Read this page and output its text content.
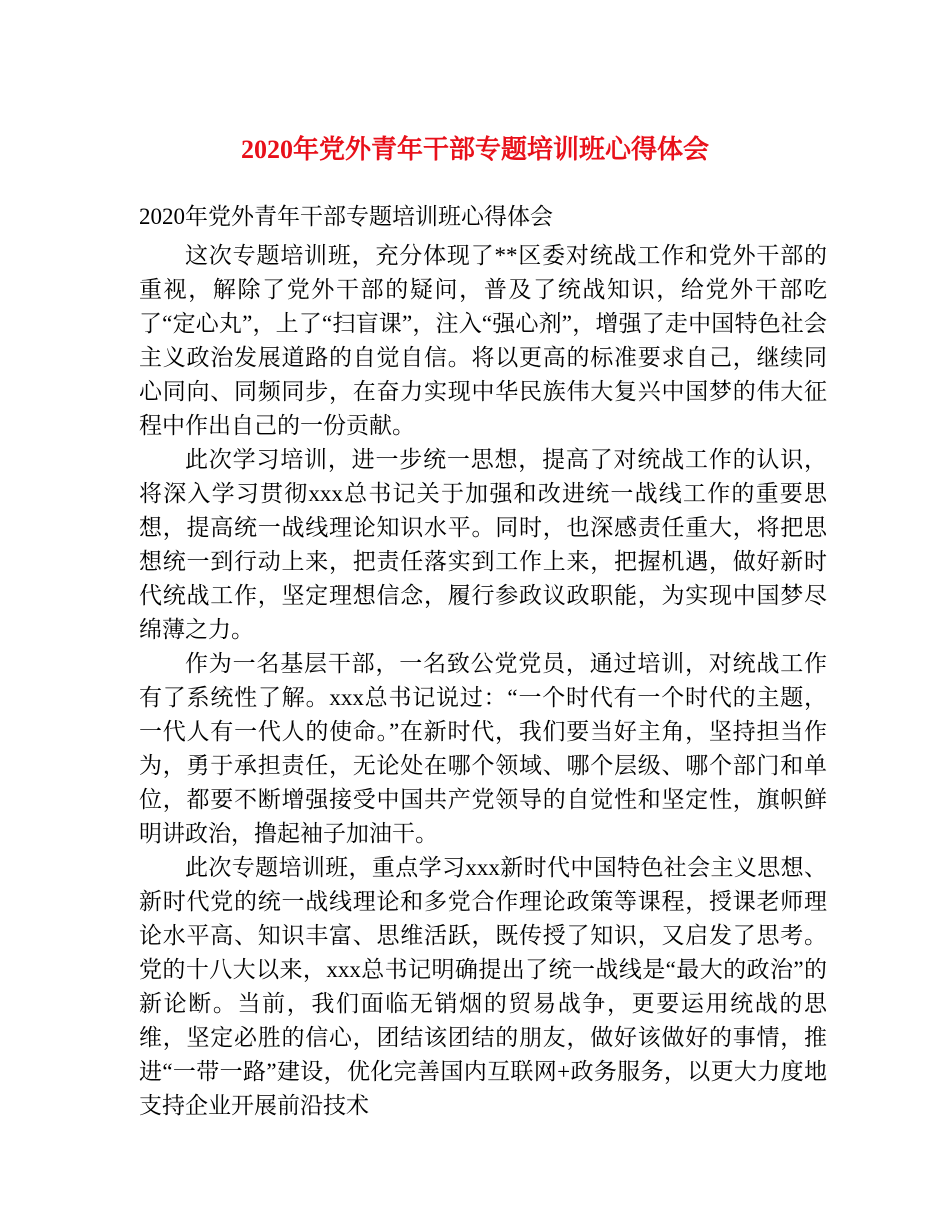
2020年党外青年干部专题培训班心得体会

2020年党外青年干部专题培训班心得体会

这次专题培训班，充分体现了**区委对统战工作和党外干部的重视，解除了党外干部的疑问，普及了统战知识，给党外干部吃了“定心丸”，上了“扫盲课”，注入“强心剂”，增强了走中国特色社会主义政治发展道路的自觉自信。将以更高的标准要求自己，继续同心同向、同频同步，在奋力实现中华民族伟大复兴中国梦的伟大征程中作出自己的一份贡献。

此次学习培训，进一步统一思想，提高了对统战工作的认识，将深入学习贯彻xxx总书记关于加强和改进统一战线工作的重要思想，提高统一战线理论知识水平。同时，也深感责任重大，将把思想统一到行动上来，把责任落实到工作上来，把握机遇，做好新时代统战工作，坚定理想信念，履行参政议政职能，为实现中国梦尽绵薄之力。

作为一名基层干部，一名致公党党员，通过培训，对统战工作有了系统性了解。xxx总书记说过：“一个时代有一个时代的主题，一代人有一代人的使命。”在新时代，我们要当好主角，坚持担当作为，勇于承担责任，无论处在哪个领域、哪个层级、哪个部门和单位，都要不断增强接受中国共产党领导的自觉性和坚定性，旗帜鲜明讲政治，撸起袖子加油干。

此次专题培训班，重点学习xxx新时代中国特色社会主义思想、新时代党的统一战线理论和多党合作理论政策等课程，授课老师理论水平高、知识丰富、思维活跃，既传授了知识，又启发了思考。党的十八大以来，xxx总书记明确提出了统一战线是“最大的政治”的新论断。当前，我们面临无销烟的贸易战争，更要运用统战的思维，坚定必胜的信心，团结该团结的朋友，做好该做好的事情，推进“一带一路”建设，优化完善国内互联网+政务服务，以更大力度地支持企业开展前沿技术
